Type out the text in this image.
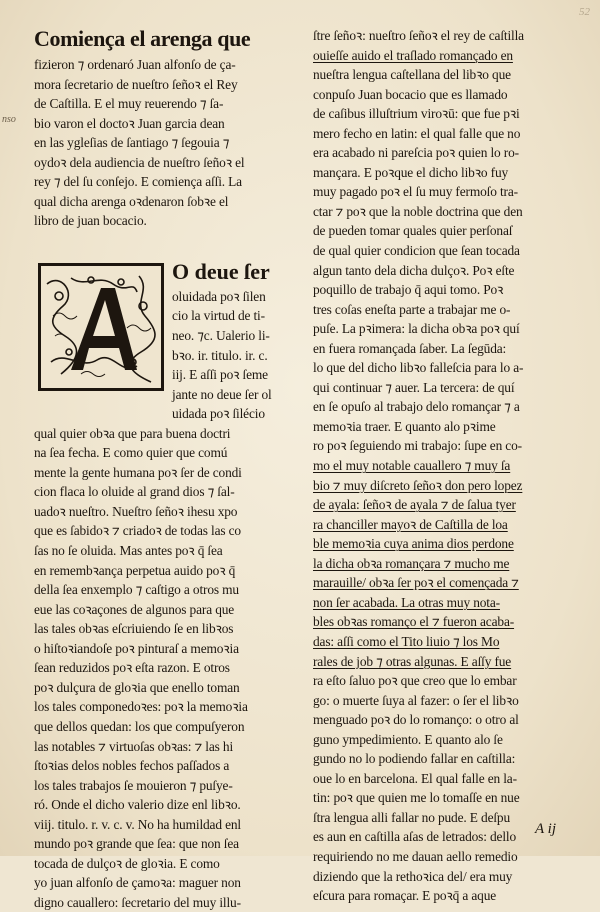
52
nso
Comiença el arenga que
fizieron ⁊ ordenaró Juan alfonſo de ça-
mora ſecretario de nueſtro ſeñoꝛ el Rey
de Caſtilla. E el muy reuerendo ⁊ ſa-
bio varon el doctoꝛ Juan garcia dean
en las ygleſias de ſantiago ⁊ ſegouia ⁊
oydoꝛ dela audiencia de nueſtro ſeñoꝛ el
rey ⁊ del ſu conſejo. E comiença aſſi. La
qual dicha arenga oꝛdenaron ſobꝛe el
libro de juan bocacio.
O deue ſer
oluidada poꝛ ſilen
cio la virtud de ti-
neo. ⁊c. Ualerio li-
bꝛo. ir. titulo. ir. c.
iij. E aſſi poꝛ ſeme
jante no deue ſer ol
uidada poꝛ ſilécio
qual quier obꝛa que para buena doctri
na ſea fecha. E como quier que comú
mente la gente humana poꝛ ſer de condi
cion flaca lo oluide al grand dios ⁊ ſal-
uadoꝛ nueſtro. Nueſtro ſeñoꝛ ihesu xpo
que es ſabidoꝛ ⁊ criadoꝛ de todas las co
ſas no ſe oluida. Mas antes poꝛ q̄ ſea
en remembꝛança perpetua auido poꝛ q̄
della ſea enxemplo ⁊ caſtigo a otros mu
eue las coꝛaçones de algunos para que
las tales obꝛas eſcriuiendo ſe en libꝛos
o hiſtoꝛiandoſe poꝛ pinturaſ a memoꝛia
ſean reduzidos poꝛ eſta razon. E otros
poꝛ dulçura de gloꝛia que enello toman
los tales componedoꝛes: poꝛ la memoꝛia
que dellos quedan: los que compuſyeron
las notables ⁊ virtuoſas obꝛas: ⁊ las hi
ſtoꝛias delos nobles fechos paſſados a
los tales trabajos ſe mouieron ⁊ puſye-
ró. Onde el dicho valerio dize enl libꝛo.
viij. titulo. r. v. c. v. No ha humildad enl
mundo poꝛ grande que ſea: que non ſea
tocada de dulçoꝛ de gloꝛia. E como
yo juan alfonſo de çamoꝛa: maguer non
digno cauallero: ſecretario del muy illu-
ſtre ſeñoꝛ: nueſtro ſeñoꝛ el rey de caſtilla
ouieſſe auido el traſlado romançado en
nueſtra lengua caſtellana del libꝛo que
conpuſo Juan bocacio que es llamado
de caſibus illuſtrium viroꝛū: que fue pꝛi
mero fecho en latin: el qual falle que no
era acabado ni pareſcia poꝛ quien lo ro-
mançara. E poꝛque el dicho libꝛo fuy
muy pagado poꝛ el ſu muy fermoſo tra-
ctar ⁊ poꝛ que la noble doctrina que den
de pueden tomar quales quier perſonaſ
de qual quier condicion que ſean tocada
algun tanto dela dicha dulçoꝛ. Poꝛ eſte
poquillo de trabajo q̄ aqui tomo. Poꝛ
tres coſas eneſta parte a trabajar me o-
puſe. La pꝛimera: la dicha obꝛa poꝛ quí
en fuera romançada ſaber. La ſegūda:
lo que del dicho libꝛo falleſcia para lo a-
qui continuar ⁊ auer. La tercera: de quí
en ſe opuſo al trabajo delo romançar ⁊ a
memoꝛia traer. E quanto alo pꝛime
ro poꝛ ſeguiendo mi trabajo: ſupe en co-
mo el muy notable cauallero ⁊ muy ſa
bio ⁊ muy diſcreto ſeñoꝛ don pero lopez
de ayala: ſeñoꝛ de ayala ⁊ de ſalua tyer
ra chanciller mayoꝛ de Caſtilla de loa
ble memoꝛia cuya anima dios perdone
la dicha obꝛa romançara ⁊ mucho me
marauille/ obꝛa ſer poꝛ el començada ⁊
non ſer acabada. La otras muy nota-
bles obꝛas romanço el ⁊ fueron acaba-
das: aſſi como el Tito liuio ⁊ los Mo
rales de job ⁊ otras algunas. E aſſy fue
ra eſto ſaluo poꝛ que creo que lo embar
go: o muerte ſuya al fazer: o ſer el libꝛo
menguado poꝛ do lo romanço: o otro al
guno ympedimiento. E quanto alo ſe
gundo no lo podiendo fallar en caſtilla:
oue lo en barcelona. El qual falle en la-
tin: poꝛ que quien me lo tomaſſe en nue
ſtra lengua alli fallar no pude. E deſpu
es aun en caſtilla aſas de letrados: dello
requiriendo no me dauan aello remedio
diziendo que la rethoꝛica del/ era muy
eſcura para romaçar. E poꝛq̄ a aque
A ij
